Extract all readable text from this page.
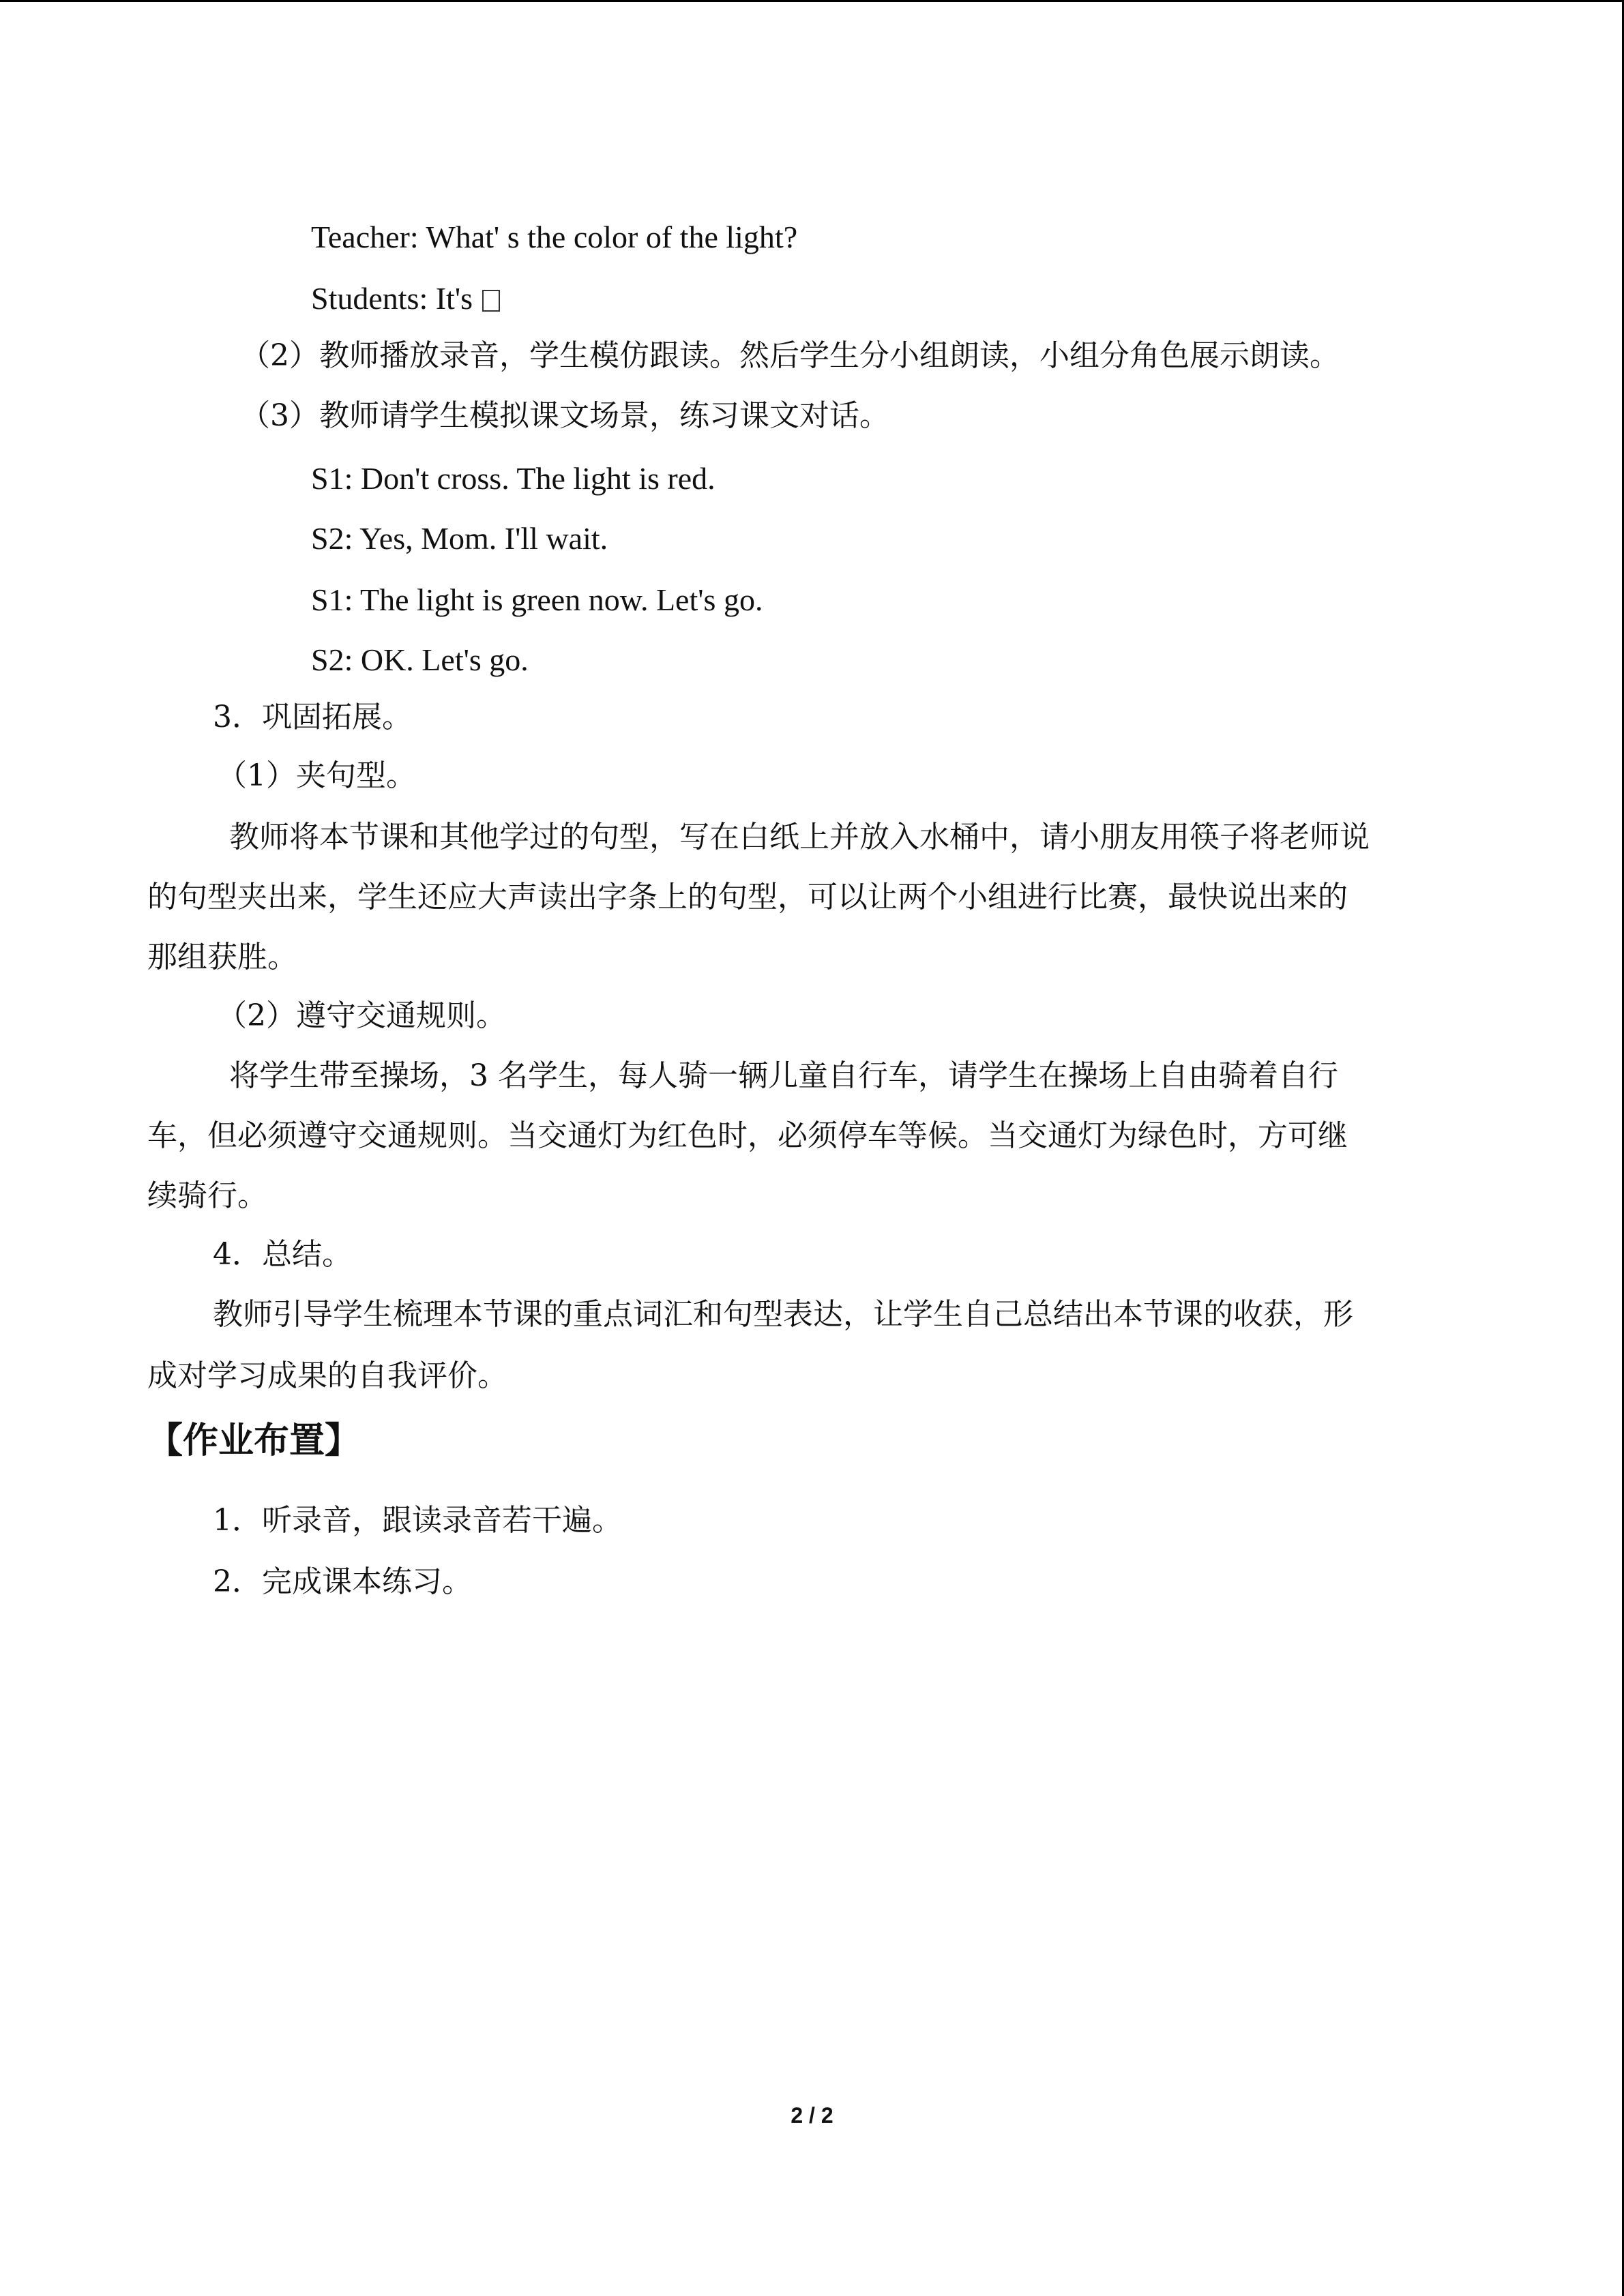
Teacher: What' s the color of the light?
Students: It's
（2）教师播放录音，学生模仿跟读。然后学生分小组朗读，小组分角色展示朗读。
（3）教师请学生模拟课文场景，练习课文对话。
S1: Don't cross. The light is red.
S2: Yes, Mom. I'll wait.
S1: The light is green now. Let's go.
S2: OK. Let's go.
3．巩固拓展。
（1）夹句型。
教师将本节课和其他学过的句型，写在白纸上并放入水桶中，请小朋友用筷子将老师说
的句型夹出来，学生还应大声读出字条上的句型，可以让两个小组进行比赛，最快说出来的
那组获胜。
（2）遵守交通规则。
将学生带至操场，3 名学生，每人骑一辆儿童自行车，请学生在操场上自由骑着自行
车，但必须遵守交通规则。当交通灯为红色时，必须停车等候。当交通灯为绿色时，方可继
续骑行。
4．总结。
教师引导学生梳理本节课的重点词汇和句型表达，让学生自己总结出本节课的收获，形
成对学习成果的自我评价。
【作业布置】
1．听录音，跟读录音若干遍。
2．完成课本练习。
2 / 2
